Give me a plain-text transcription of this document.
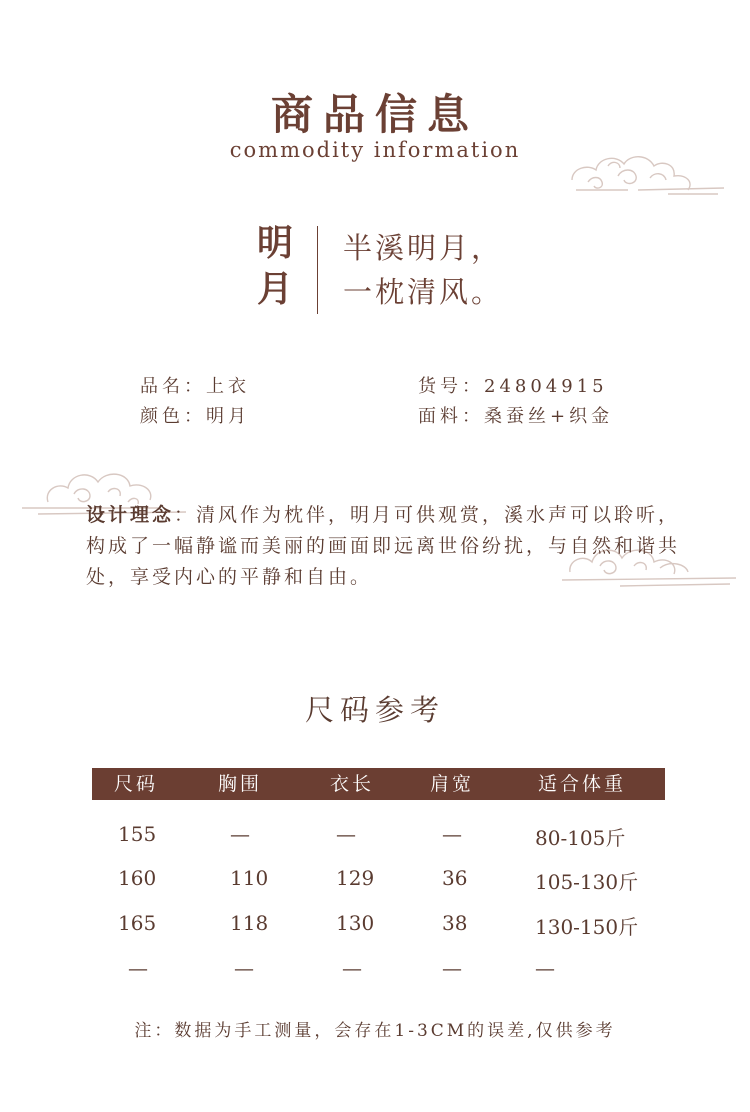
商品信息
commodity information
明
月
半溪明月，
一枕清风。
品名：上衣	货号：24804915
颜色：明月	面料：桑蚕丝+织金
设计理念：清风作为枕伴，明月可供观赏，溪水声可以聆听，构成了一幅静谧而美丽的画面即远离世俗纷扰，与自然和谐共处，享受内心的平静和自由。
尺码参考
尺码	胸围	衣长	肩宽	适合体重
155	—	—	—	80-105斤
160	110	129	36	105-130斤
165	118	130	38	130-150斤
—	—	—	—	—
注：数据为手工测量，会存在1-3CM的误差,仅供参考
